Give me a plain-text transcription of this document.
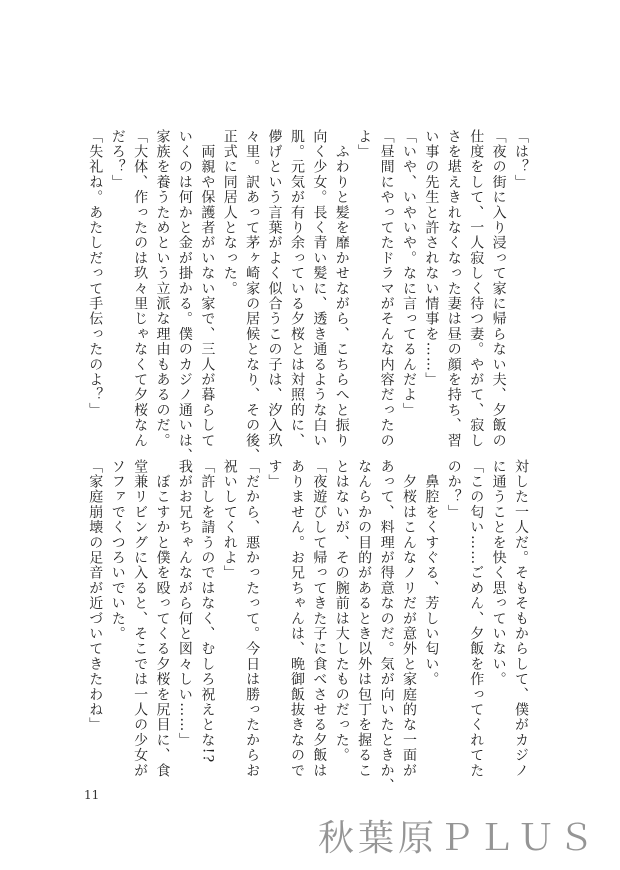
「は？」
「夜の街に入り浸って家に帰らない夫、夕飯の
仕度をして、一人寂しく待つ妻。やがて、寂し
さを堪えきれなくなった妻は昼の顔を持ち、習
い事の先生と許されない情事を……」
「いや、いやいや。なに言ってるんだよ」
「昼間にやってたドラマがそんな内容だったの
よ」
　ふわりと髪を靡かせながら、こちらへと振り
向く少女。長く青い髪に、透き通るような白い
肌。元気が有り余っている夕桜とは対照的に、
儚げという言葉がよく似合うこの子は、汐入玖
々里。訳あって茅ヶ崎家の居候となり、その後、
正式に同居人となった。
　両親や保護者がいない家で、三人が暮らして
いくのは何かと金が掛かる。僕のカジノ通いは、
家族を養うためという立派な理由もあるのだ。
「大体、作ったのは玖々里じゃなくて夕桜なん
だろ？」
「失礼ね。あたしだって手伝ったのよ？」
対した一人だ。そもそもからして、僕がカジノ
に通うことを快く思っていない。
「この匂い……ごめん、夕飯を作ってくれてた
のか？」
　鼻腔をくすぐる、芳しい匂い。
　夕桜はこんなノリだが意外と家庭的な一面が
あって、料理が得意なのだ。気が向いたときか、
なんらかの目的があるとき以外は包丁を握るこ
とはないが、その腕前は大したものだった。
「夜遊びして帰ってきた子に食べさせる夕飯は
ありません。お兄ちゃんは、晩御飯抜きなので
す」
「だから、悪かったって。今日は勝ったからお
祝いしてくれよ」
「許しを請うのではなく、むしろ祝えとな!?
我がお兄ちゃんながら何と図々しい……」
　ぼこすかと僕を殴ってくる夕桜を尻目に、食
堂兼リビングに入ると、そこでは一人の少女が
ソファでくつろいでいた。
「家庭崩壊の足音が近づいてきたわね」
11
秋葉原ＰＬＵＳ
